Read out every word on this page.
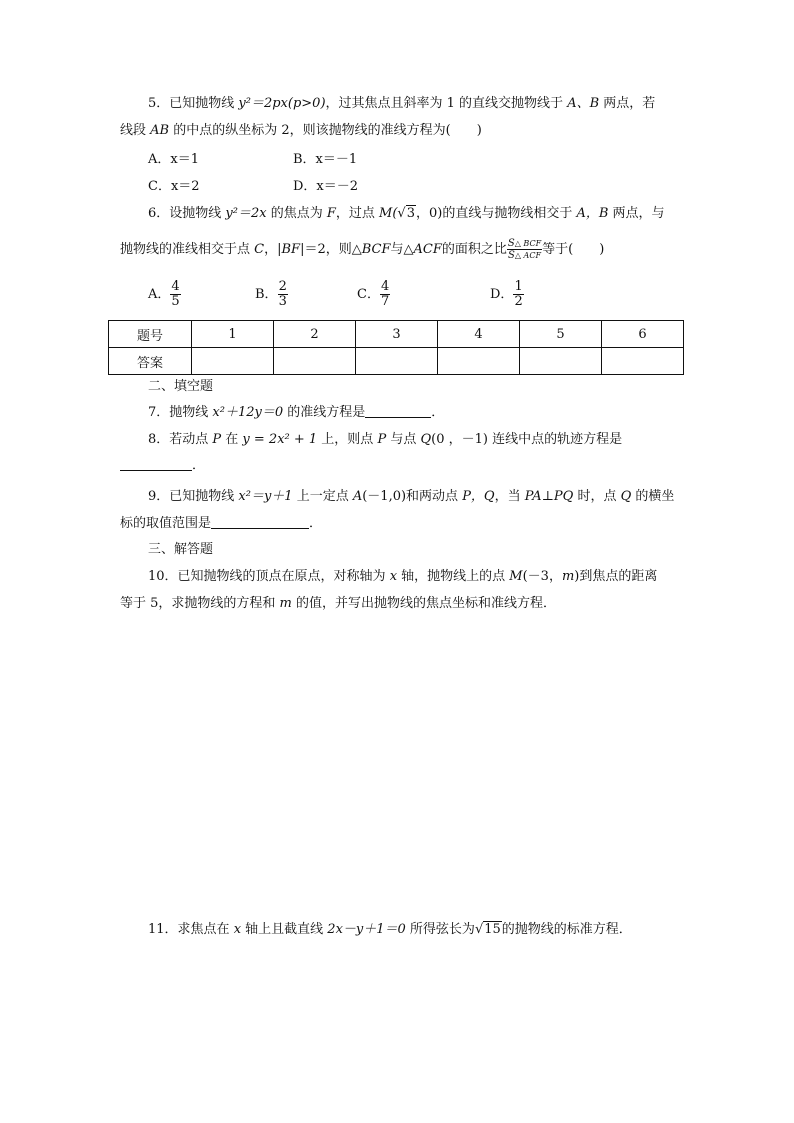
5．已知抛物线 y²＝2px(p>0)，过其焦点且斜率为 1 的直线交抛物线于 A、B 两点，若
线段 AB 的中点的纵坐标为 2，则该抛物线的准线方程为(　　)
A．x＝1	B．x＝－1
C．x＝2	D．x＝－2
6．设抛物线 y²＝2x 的焦点为 F，过点 M(√3，0)的直线与抛物线相交于 A，B 两点，与
抛物线的准线相交于点 C，|BF|＝2，则△BCF与△ACF的面积之比 $\frac{\text{S△ BCF}}{\text{S△ ACF}}$ 等于(　　)
A． $\frac{4}{5}$	B． $\frac{2}{3}$	C． $\frac{4}{7}$	D． $\frac{1}{2}$
题号	1	2	3	4	5	6
答案						
二、填空题
7．抛物线 x²＋12y＝0 的准线方程是	．
8．若动点 P 在 y = 2x² + 1 上，则点 P 与点 Q(0 ，－1) 连线中点的轨迹方程是
．
9．已知抛物线 x²＝y＋1 上一定点 A(－1,0)和两动点 P，Q，当 PA⊥PQ 时，点 Q 的横坐
标的取值范围是	．
三、解答题
10．已知抛物线的顶点在原点，对称轴为 x 轴，抛物线上的点 M(－3，m)到焦点的距离
等于 5，求抛物线的方程和 m 的值，并写出抛物线的焦点坐标和准线方程．
11．求焦点在 x 轴上且截直线 2x－y＋1＝0 所得弦长为√15的抛物线的标准方程．
